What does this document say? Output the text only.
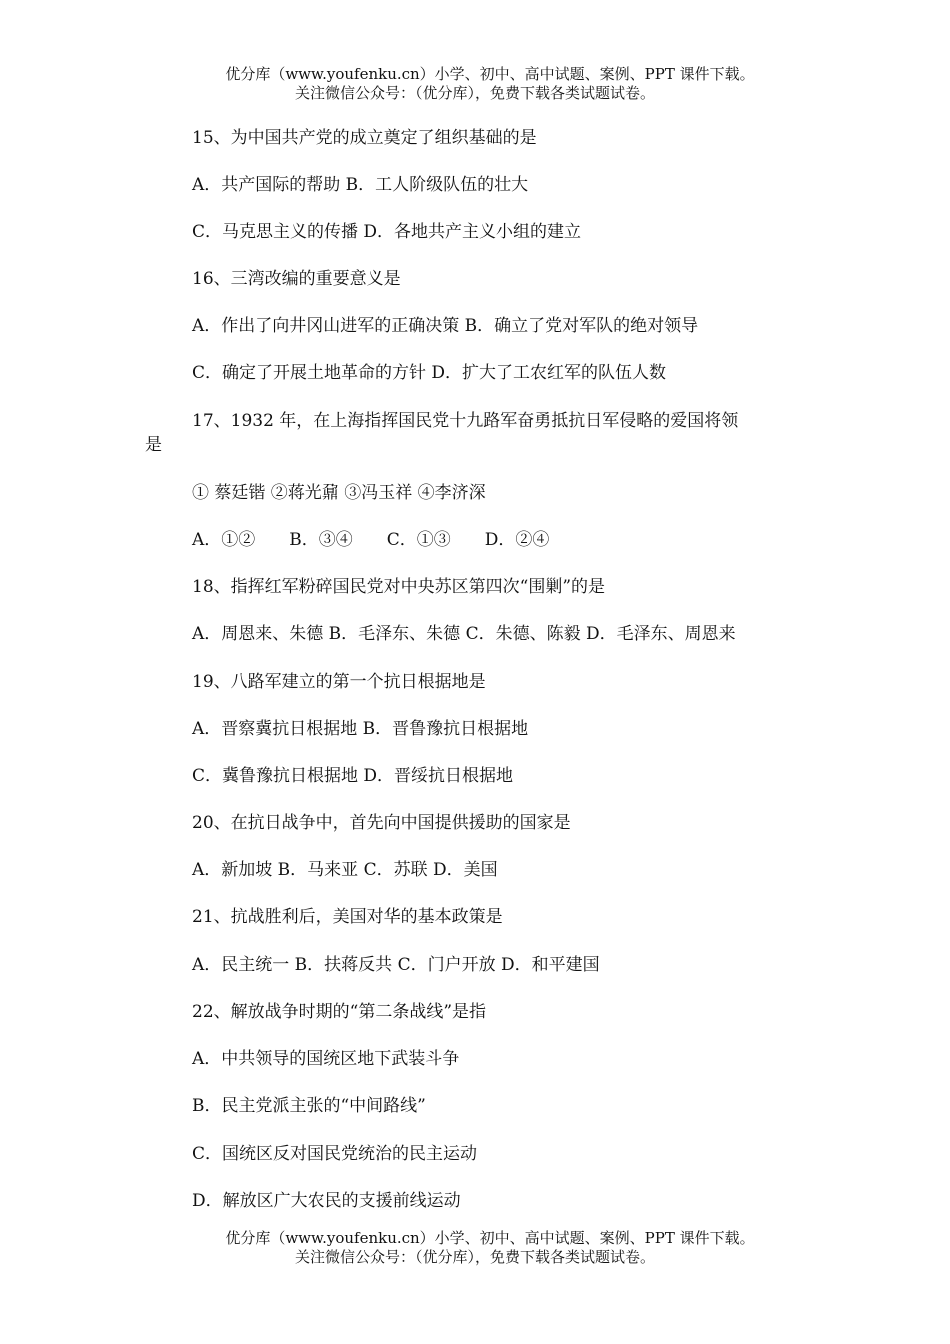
优分库（www.youfenku.cn）小学、初中、高中试题、案例、PPT 课件下载。
关注微信公众号：（优分库），免费下载各类试题试卷。
15、为中国共产党的成立奠定了组织基础的是
A．共产国际的帮助 B．工人阶级队伍的壮大
C．马克思主义的传播 D．各地共产主义小组的建立
16、三湾改编的重要意义是
A．作出了向井冈山进军的正确决策 B．确立了党对军队的绝对领导
C．确定了开展土地革命的方针 D．扩大了工农红军的队伍人数
17、1932 年，在上海指挥国民党十九路军奋勇抵抗日军侵略的爱国将领
是
① 蔡廷锴 ②蒋光鼐 ③冯玉祥 ④李济深
A．①②　　B．③④　　C．①③　　D．②④
18、指挥红军粉碎国民党对中央苏区第四次“围剿”的是
A．周恩来、朱德 B．毛泽东、朱德 C．朱德、陈毅 D．毛泽东、周恩来
19、八路军建立的第一个抗日根据地是
A．晋察冀抗日根据地 B．晋鲁豫抗日根据地
C．冀鲁豫抗日根据地 D．晋绥抗日根据地
20、在抗日战争中，首先向中国提供援助的国家是
A．新加坡 B．马来亚 C．苏联 D．美国
21、抗战胜利后，美国对华的基本政策是
A．民主统一 B．扶蒋反共 C．门户开放 D．和平建国
22、解放战争时期的“第二条战线”是指
A．中共领导的国统区地下武装斗争
B．民主党派主张的“中间路线”
C．国统区反对国民党统治的民主运动
D．解放区广大农民的支援前线运动
优分库（www.youfenku.cn）小学、初中、高中试题、案例、PPT 课件下载。
关注微信公众号：（优分库），免费下载各类试题试卷。
